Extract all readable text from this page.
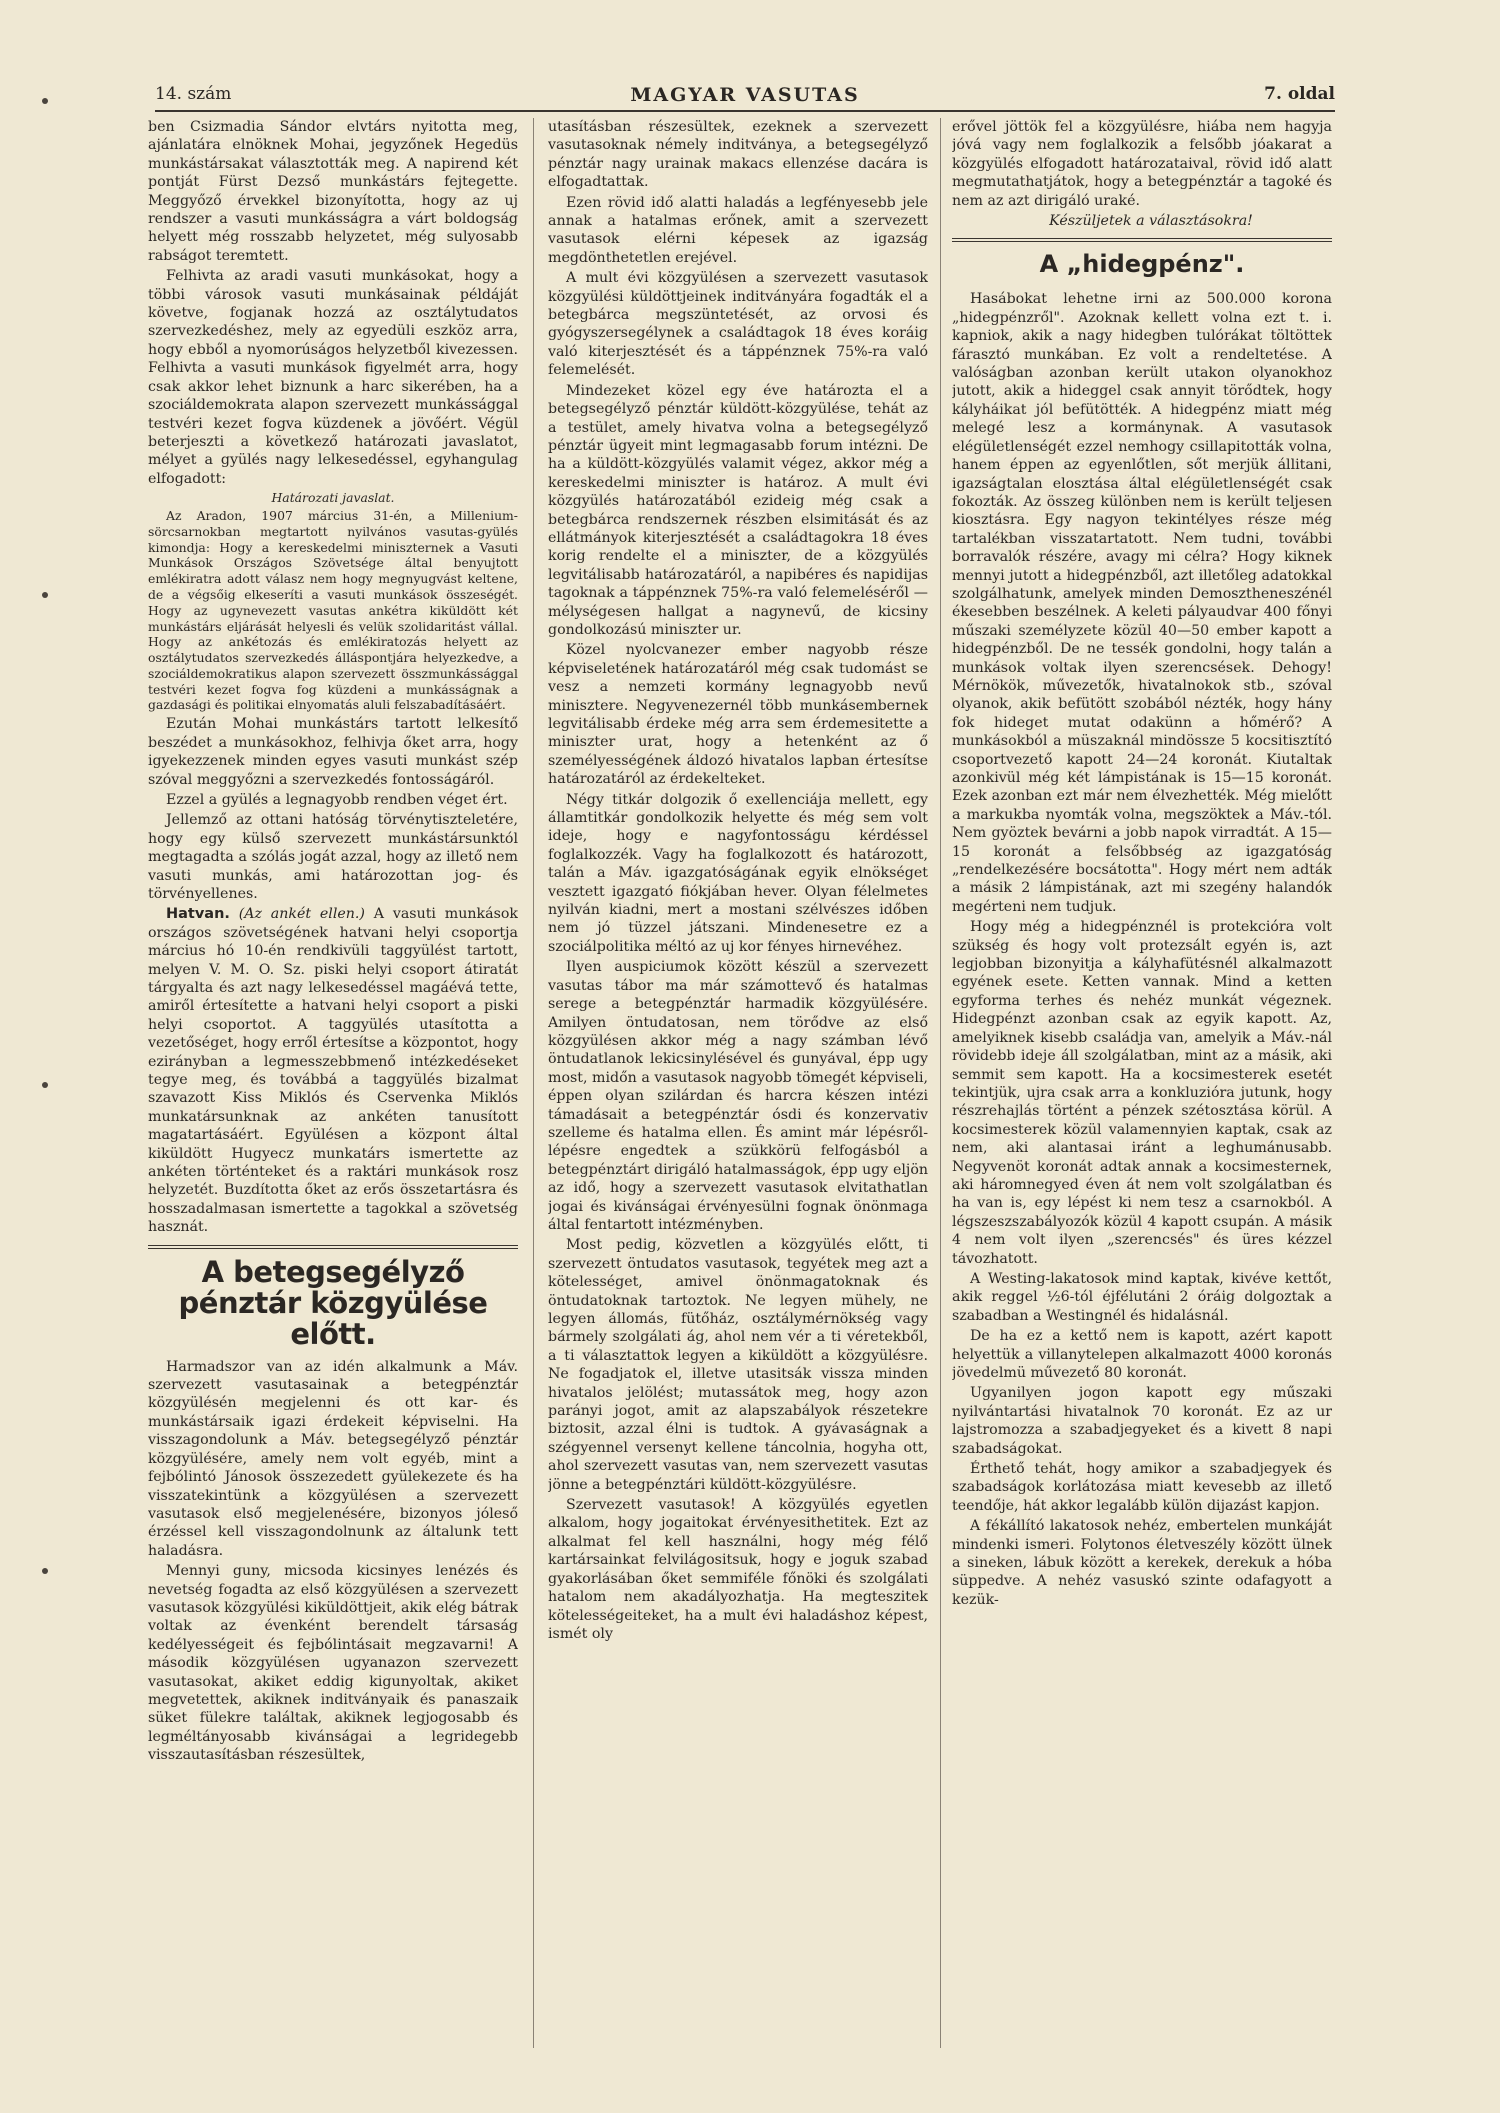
14. szám	MAGYAR VASUTAS	7. oldal

ben Csizmadia Sándor elvtárs nyitotta meg, ajánlatára elnöknek Mohai, jegyzőnek Hegedüs munkástársakat választották meg. A napirend két pontját Fürst Dezső munkástárs fejtegette. Meggyőző érvekkel bizonyította, hogy az uj rendszer a vasuti munkásságra a várt boldogság helyett még rosszabb helyzetet, még sulyosabb rabságot teremtett.

Felhivta az aradi vasuti munkásokat, hogy a többi városok vasuti munkásainak példáját követve, fogjanak hozzá az osztálytudatos szervezkedéshez, mely az egyedüli eszköz arra, hogy ebből a nyomorúságos helyzetből kivezessen. Felhivta a vasuti munkások figyelmét arra, hogy csak akkor lehet biznunk a harc sikerében, ha a szociáldemokrata alapon szervezett munkássággal testvéri kezet fogva küzdenek a jövőért. Végül beterjeszti a következő határozati javaslatot, mélyet a gyülés nagy lelkesedéssel, egyhangulag elfogadott:

Határozati javaslat.

Az Aradon, 1907 március 31-én, a Millenium-sörcsarnokban megtartott nyilvános vasutas-gyülés kimondja: Hogy a kereskedelmi miniszternek a Vasuti Munkások Országos Szövetsége által benyujtott emlékiratra adott válasz nem hogy megnyugvást keltene, de a végsőig elkeseríti a vasuti munkások összeségét. Hogy az ugynevezett vasutas ankétra kiküldött két munkástárs eljárását helyesli és velük szolidaritást vállal. Hogy az ankétozás és emlékiratozás helyett az osztálytudatos szervezkedés álláspontjára helyezkedve, a szociáldemokratikus alapon szervezett összmunkássággal testvéri kezet fogva fog küzdeni a munkásságnak a gazdasági és politikai elnyomatás aluli felszabadításáért.

Ezután Mohai munkástárs tartott lelkesítő beszédet a munkásokhoz, felhivja őket arra, hogy igyekezzenek minden egyes vasuti munkást szép szóval meggyőzni a szervezkedés fontosságáról.

Ezzel a gyülés a legnagyobb rendben véget ért.

Jellemző az ottani hatóság törvénytiszteletére, hogy egy külső szervezett munkástársunktól megtagadta a szólás jogát azzal, hogy az illető nem vasuti munkás, ami határozottan jog- és törvényellenes.

Hatvan. (Az ankét ellen.) A vasuti munkások országos szövetségének hatvani helyi csoportja március hó 10-én rendkivüli taggyülést tartott, melyen V. M. O. Sz. piski helyi csoport átiratát tárgyalta és azt nagy lelkesedéssel magáévá tette, amiről értesítette a hatvani helyi csoport a piski helyi csoportot. A taggyülés utasította a vezetőséget, hogy erről értesítse a központot, hogy ezirányban a legmesszebbmenő intézkedéseket tegye meg, és továbbá a taggyülés bizalmat szavazott Kiss Miklós és Cservenka Miklós munkatársunknak az ankéten tanusított magatartásáért. Együlésen a központ által kiküldött Hugyecz munkatárs ismertette az ankéten történteket és a raktári munkások rosz helyzetét. Buzdította őket az erős összetartásra és hosszadalmasan ismertette a tagokkal a szövetség hasznát.

A betegsegélyző pénztár közgyülése előtt.

Harmadszor van az idén alkalmunk a Máv. szervezett vasutasainak a betegpénztár közgyülésén megjelenni és ott kar- és munkástársaik igazi érdekeit képviselni. Ha visszagondolunk a Máv. betegsegélyző pénztár közgyülésére, amely nem volt egyéb, mint a fejbólintó Jánosok összezedett gyülekezete és ha visszatekintünk a közgyülésen a szervezett vasutasok első megjelenésére, bizonyos jóleső érzéssel kell visszagondolnunk az általunk tett haladásra.

Mennyi guny, micsoda kicsinyes lenézés és nevetség fogadta az első közgyülésen a szervezett vasutasok közgyülési kiküldöttjeit, akik elég bátrak voltak az évenként berendelt társaság kedélyességeit és fejbólintásait megzavarni! A második közgyülésen ugyanazon szervezett vasutasokat, akiket eddig kigunyoltak, akiket megvetettek, akiknek inditványaik és panaszaik süket fülekre találtak, akiknek legjogosabb és legméltányosabb kivánságai a legridegebb visszautasításban részesültek,

utasításban részesültek, ezeknek a szervezett vasutasoknak némely inditványa, a betegsegélyző pénztár nagy urainak makacs ellenzése dacára is elfogadtattak.

Ezen rövid idő alatti haladás a legfényesebb jele annak a hatalmas erőnek, amit a szervezett vasutasok elérni képesek az igazság megdönthetetlen erejével.

A mult évi közgyülésen a szervezett vasutasok közgyülési küldöttjeinek inditványára fogadták el a betegbárca megszüntetését, az orvosi és gyógyszersegélynek a családtagok 18 éves koráig való kiterjesztését és a táppénznek 75%-ra való felemelését.

Mindezeket közel egy éve határozta el a betegsegélyző pénztár küldött-közgyülése, tehát az a testület, amely hivatva volna a betegsegélyző pénztár ügyeit mint legmagasabb forum intézni. De ha a küldött-közgyülés valamit végez, akkor még a kereskedelmi miniszter is határoz. A mult évi közgyülés határozatából ezideig még csak a betegbárca rendszernek részben elsimitását és az ellátmányok kiterjesztését a családtagokra 18 éves korig rendelte el a miniszter, de a közgyülés legvitálisabb határozatáról, a napibéres és napidijas tagoknak a táppénznek 75%-ra való felemeléséről — mélységesen hallgat a nagynevű, de kicsiny gondolkozású miniszter ur.

Közel nyolcvanezer ember nagyobb része képviseletének határozatáról még csak tudomást se vesz a nemzeti kormány legnagyobb nevű minisztere. Negyvenezernél több munkásembernek legvitálisabb érdeke még arra sem érdemesitette a miniszter urat, hogy a hetenként az ő személyességének áldozó hivatalos lapban értesítse határozatáról az érdekelteket.

Négy titkár dolgozik ő exellenciája mellett, egy államtitkár gondolkozik helyette és még sem volt ideje, hogy e nagyfontosságu kérdéssel foglalkozzék. Vagy ha foglalkozott és határozott, talán a Máv. igazgatóságának egyik elnökséget vesztett igazgató fiókjában hever. Olyan félelmetes nyilván kiadni, mert a mostani szélvészes időben nem jó tüzzel játszani. Mindenesetre ez a szociálpolitika méltó az uj kor fényes hirnevéhez.

Ilyen auspiciumok között készül a szervezett vasutas tábor ma már számottevő és hatalmas serege a betegpénztár harmadik közgyülésére. Amilyen öntudatosan, nem törődve az első közgyülésen akkor még a nagy számban lévő öntudatlanok lekicsinylésével és gunyával, épp ugy most, midőn a vasutasok nagyobb tömegét képviseli, éppen olyan szilárdan és harcra készen intézi támadásait a betegpénztár ósdi és konzervativ szelleme és hatalma ellen. És amint már lépésről-lépésre engedtek a szükkörü felfogásból a betegpénztárt dirigáló hatalmasságok, épp ugy eljön az idő, hogy a szervezett vasutasok elvitathatlan jogai és kivánságai érvényesülni fognak önönmaga által fentartott intézményben.

Most pedig, közvetlen a közgyülés előtt, ti szervezett öntudatos vasutasok, tegyétek meg azt a kötelességet, amivel önönmagatoknak és öntudatoknak tartoztok. Ne legyen mühely, ne legyen állomás, fütőház, osztálymérnökség vagy bármely szolgálati ág, ahol nem vér a ti véretekből, a ti választattok legyen a kiküldött a közgyülésre. Ne fogadjatok el, illetve utasitsák vissza minden hivatalos jelölést; mutassátok meg, hogy azon parányi jogot, amit az alapszabályok részetekre biztosit, azzal élni is tudtok. A gyávaságnak a szégyennel versenyt kellene táncolnia, hogyha ott, ahol szervezett vasutas van, nem szervezett vasutas jönne a betegpénztári küldött-közgyülésre.

Szervezett vasutasok! A közgyülés egyetlen alkalom, hogy jogaitokat érvényesithetitek. Ezt az alkalmat fel kell használni, hogy még félő kartársainkat felvilágositsuk, hogy e joguk szabad gyakorlásában őket semmiféle főnöki és szolgálati hatalom nem akadályozhatja. Ha megteszitek kötelességeiteket, ha a mult évi haladáshoz képest, ismét oly

erővel jöttök fel a közgyülésre, hiába nem hagyja jóvá vagy nem foglalkozik a felsőbb jóakarat a közgyülés elfogadott határozataival, rövid idő alatt megmutathatjátok, hogy a betegpénztár a tagoké és nem az azt dirigáló uraké.

Készüljetek a választásokra!

A „hidegpénz".

Hasábokat lehetne irni az 500.000 korona „hidegpénzről". Azoknak kellett volna ezt t. i. kapniok, akik a nagy hidegben tulórákat töltöttek fárasztó munkában. Ez volt a rendeltetése. A valóságban azonban került utakon olyanokhoz jutott, akik a hideggel csak annyit törődtek, hogy kályháikat jól befütötték. A hidegpénz miatt még melegé lesz a kormánynak. A vasutasok elégületlenségét ezzel nemhogy csillapitották volna, hanem éppen az egyenlőtlen, sőt merjük állitani, igazságtalan elosztása által elégületlenségét csak fokozták. Az összeg különben nem is került teljesen kiosztásra. Egy nagyon tekintélyes része még tartalékban visszatartatott. Nem tudni, további borravalók részére, avagy mi célra? Hogy kiknek mennyi jutott a hidegpénzből, azt illetőleg adatokkal szolgálhatunk, amelyek minden Demosztheneszénél ékesebben beszélnek. A keleti pályaudvar 400 főnyi műszaki személyzete közül 40—50 ember kapott a hidegpénzből. De ne tessék gondolni, hogy talán a munkások voltak ilyen szerencsések. Dehogy! Mérnökök, művezetők, hivatalnokok stb., szóval olyanok, akik befütött szobából nézték, hogy hány fok hideget mutat odakünn a hőmérő? A munkásokból a müszaknál mindössze 5 kocsitisztító csoportvezető kapott 24—24 koronát. Kiutaltak azonkivül még két lámpistának is 15—15 koronát. Ezek azonban ezt már nem élvezhették. Még mielőtt a markukba nyomták volna, megszöktek a Máv.-tól. Nem gyöztek bevárni a jobb napok virradtát. A 15—15 koronát a felsőbbség az igazgatóság „rendelkezésére bocsátotta". Hogy mért nem adták a másik 2 lámpistának, azt mi szegény halandók megérteni nem tudjuk.

Hogy még a hidegpénznél is protekcióra volt szükség és hogy volt protezsált egyén is, azt legjobban bizonyitja a kályhafütésnél alkalmazott egyének esete. Ketten vannak. Mind a ketten egyforma terhes és nehéz munkát végeznek. Hidegpénzt azonban csak az egyik kapott. Az, amelyiknek kisebb családja van, amelyik a Máv.-nál rövidebb ideje áll szolgálatban, mint az a másik, aki semmit sem kapott. Ha a kocsimesterek esetét tekintjük, ujra csak arra a konkluzióra jutunk, hogy részrehajlás történt a pénzek szétosztása körül. A kocsimesterek közül valamennyien kaptak, csak az nem, aki alantasai iránt a leghumánusabb. Negyvenöt koronát adtak annak a kocsimesternek, aki háromnegyed éven át nem volt szolgálatban és ha van is, egy lépést ki nem tesz a csarnokból. A légszeszszabályozók közül 4 kapott csupán. A másik 4 nem volt ilyen „szerencsés" és üres kézzel távozhatott.

A Westing-lakatosok mind kaptak, kivéve kettőt, akik reggel ½6-tól éjfélutáni 2 óráig dolgoztak a szabadban a Westingnél és hidalásnál.

De ha ez a kettő nem is kapott, azért kapott helyettük a villanytelepen alkalmazott 4000 koronás jövedelmü művezető 80 koronát.

Ugyanilyen jogon kapott egy műszaki nyilvántartási hivatalnok 70 koronát. Ez az ur lajstromozza a szabadjegyeket és a kivett 8 napi szabadságokat.

Érthető tehát, hogy amikor a szabadjegyek és szabadságok korlátozása miatt kevesebb az illető teendője, hát akkor legalább külön dijazást kapjon.

A fékállító lakatosok nehéz, embertelen munkáját mindenki ismeri. Folytonos életveszély között ülnek a sineken, lábuk között a kerekek, derekuk a hóba süppedve. A nehéz vasuskó szinte odafagyott a kezük-
